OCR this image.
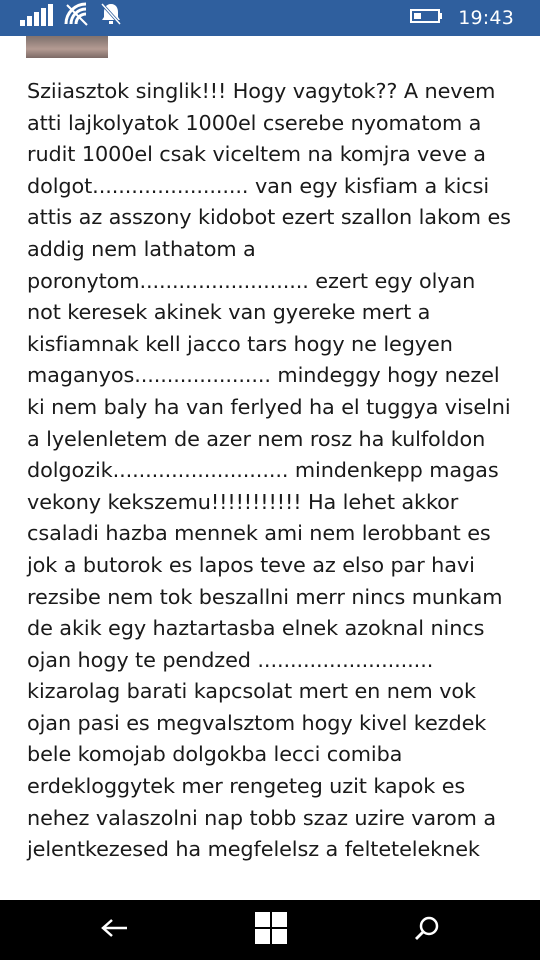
19:43
Sziiasztok singlik!!! Hogy vagytok?? A nevem atti lajkolyatok 1000el cserebe nyomatom a rudit 1000el csak viceltem na komjra veve a dolgot........................ van egy kisfiam a kicsi attis az asszony kidobot ezert szallon lakom es addig nem lathatom a poronytom.......................... ezert egy olyan not keresek akinek van gyereke mert a kisfiamnak kell jacco tars hogy ne legyen maganyos..................... mindeggy hogy nezel ki nem baly ha van ferlyed ha el tuggya viselni a lyelenletem de azer nem rosz ha kulfoldon dolgozik........................... mindenkepp magas vekony kekszemu!!!!!!!!!!! Ha lehet akkor csaladi hazba mennek ami nem lerobbant es jok a butorok es lapos teve az elso par havi rezsibe nem tok beszallni merr nincs munkam de akik egy haztartasba elnek azoknal nincs ojan hogy te pendzed ........................... kizarolag barati kapcsolat mert en nem vok ojan pasi es megvalsztom hogy kivel kezdek bele komojab dolgokba lecci comiba erdekloggytek mer rengeteg uzit kapok es nehez valaszolni nap tobb szaz uzire varom a jelentkezesed ha megfelelsz a felteteleknek
